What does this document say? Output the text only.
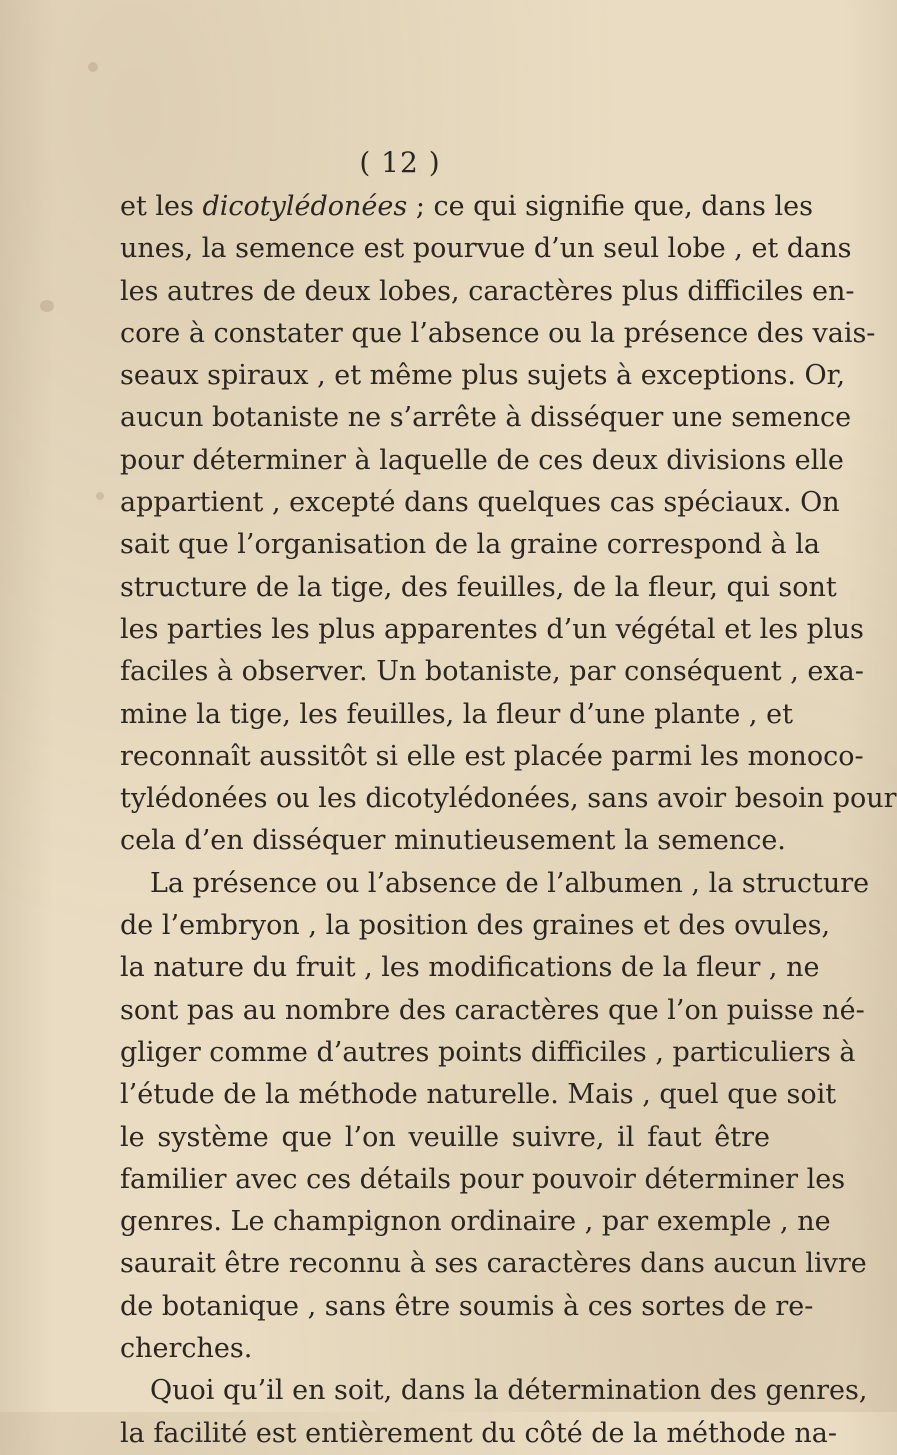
( 12 )
et les dicotylédonées ; ce qui signifie que, dans les
unes, la semence est pourvue d’un seul lobe , et dans
les autres de deux lobes, caractères plus difficiles en-
core à constater que l’absence ou la présence des vais-
seaux spiraux , et même plus sujets à exceptions. Or,
aucun botaniste ne s’arrête à disséquer une semence
pour déterminer à laquelle de ces deux divisions elle
appartient , excepté dans quelques cas spéciaux. On
sait que l’organisation de la graine correspond à la
structure de la tige, des feuilles, de la fleur, qui sont
les parties les plus apparentes d’un végétal et les plus
faciles à observer. Un botaniste, par conséquent , exa-
mine la tige, les feuilles, la fleur d’une plante , et
reconnaît aussitôt si elle est placée parmi les monoco-
tylédonées ou les dicotylédonées, sans avoir besoin pour
cela d’en disséquer minutieusement la semence.
La présence ou l’absence de l’albumen , la structure
de l’embryon , la position des graines et des ovules,
la nature du fruit , les modifications de la fleur , ne
sont pas au nombre des caractères que l’on puisse né-
gliger comme d’autres points difficiles , particuliers à
l’étude de la méthode naturelle. Mais , quel que soit
le système que l’on veuille suivre, il faut être
familier avec ces détails pour pouvoir déterminer les
genres. Le champignon ordinaire , par exemple , ne
saurait être reconnu à ses caractères dans aucun livre
de botanique , sans être soumis à ces sortes de re-
cherches.
Quoi qu’il en soit, dans la détermination des genres,
la facilité est entièrement du côté de la méthode na-
